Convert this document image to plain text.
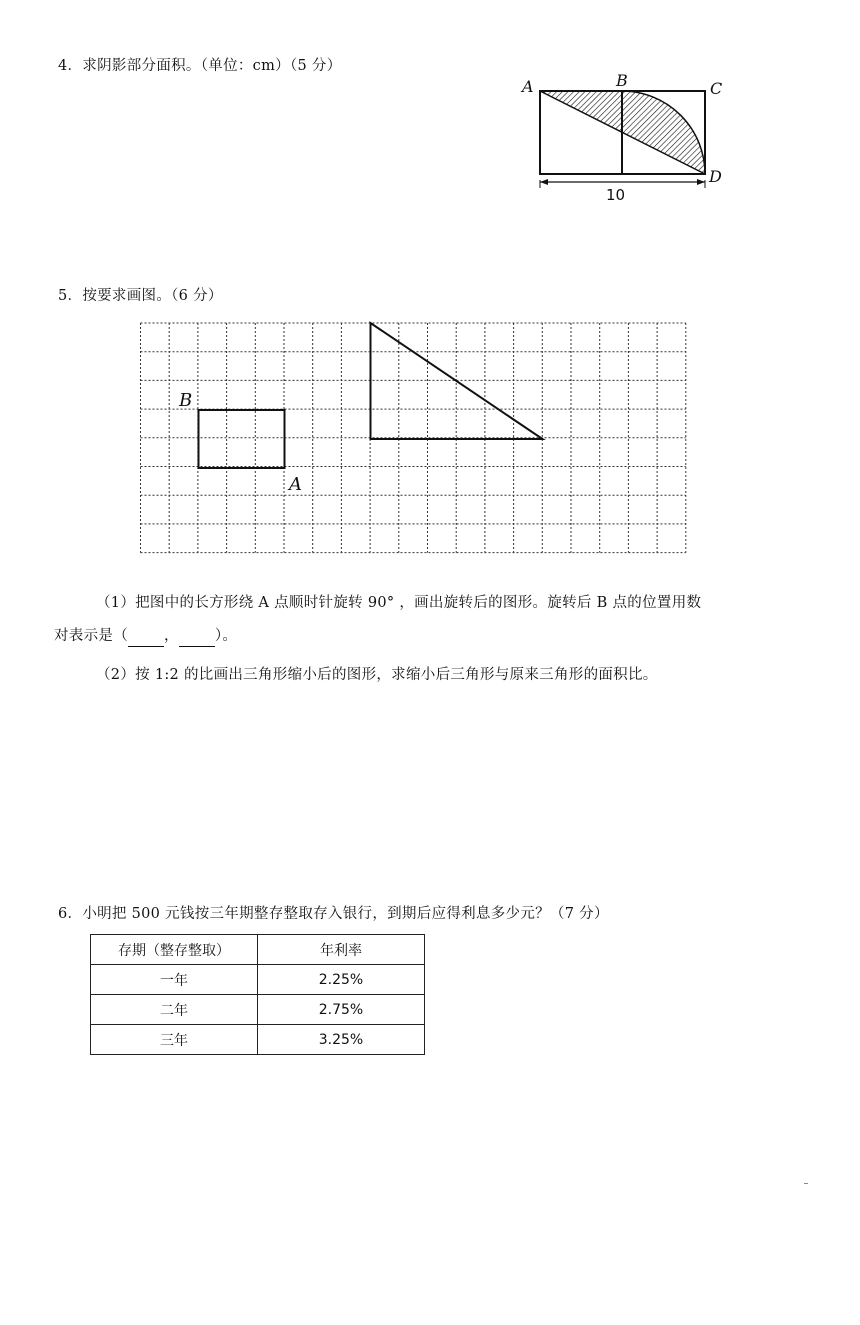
4．求阴影部分面积。（单位：cm）（5 分）
A	B	C
D
10
5．按要求画图。（6 分）
B
A
（1）把图中的长方形绕 A 点顺时针旋转 90° ，画出旋转后的图形。旋转后 B 点的位置用数
对表示是（ ， ）。
（2）按 1:2 的比画出三角形缩小后的图形，求缩小后三角形与原来三角形的面积比。
6．小明把 500 元钱按三年期整存整取存入银行，到期后应得利息多少元？（7 分）
存期（整存整取）	年利率
一年	2.25%
二年	2.75%
三年	3.25%
